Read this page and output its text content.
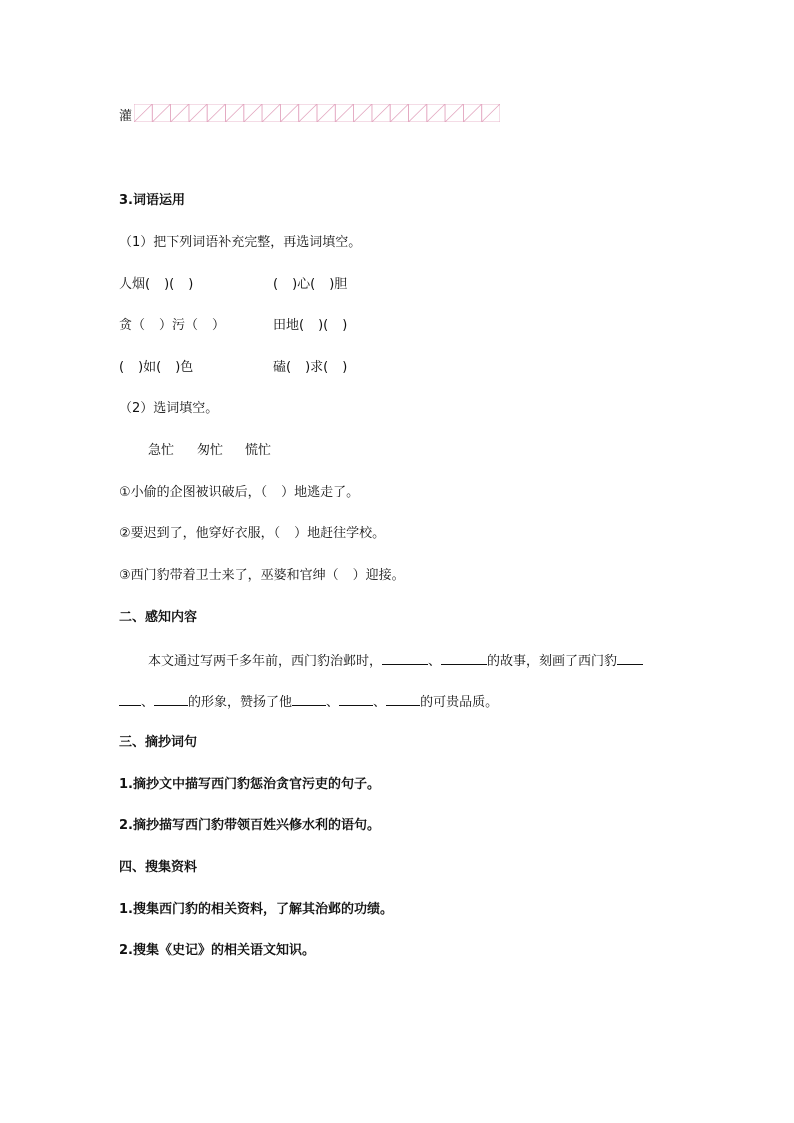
灌
3.词语运用
（1）把下列词语补充完整，再选词填空。
人烟( )( )	( )心( )胆
贪（ ）污（ ）	田地( )( )
( )如( )色	磕( )求( )
（2）选词填空。
急忙 匆忙 慌忙
①小偷的企图被识破后，（ ）地逃走了。
②要迟到了，他穿好衣服，（ ）地赶往学校。
③西门豹带着卫士来了，巫婆和官绅（ ）迎接。
二、感知内容
本文通过写两千多年前，西门豹治邺时，	、	的故事，刻画了西门豹
、	的形象，赞扬了他	、	、	的可贵品质。
三、摘抄词句
1.摘抄文中描写西门豹惩治贪官污吏的句子。
2.摘抄描写西门豹带领百姓兴修水利的语句。
四、搜集资料
1.搜集西门豹的相关资料，了解其治邺的功绩。
2.搜集《史记》的相关语文知识。
